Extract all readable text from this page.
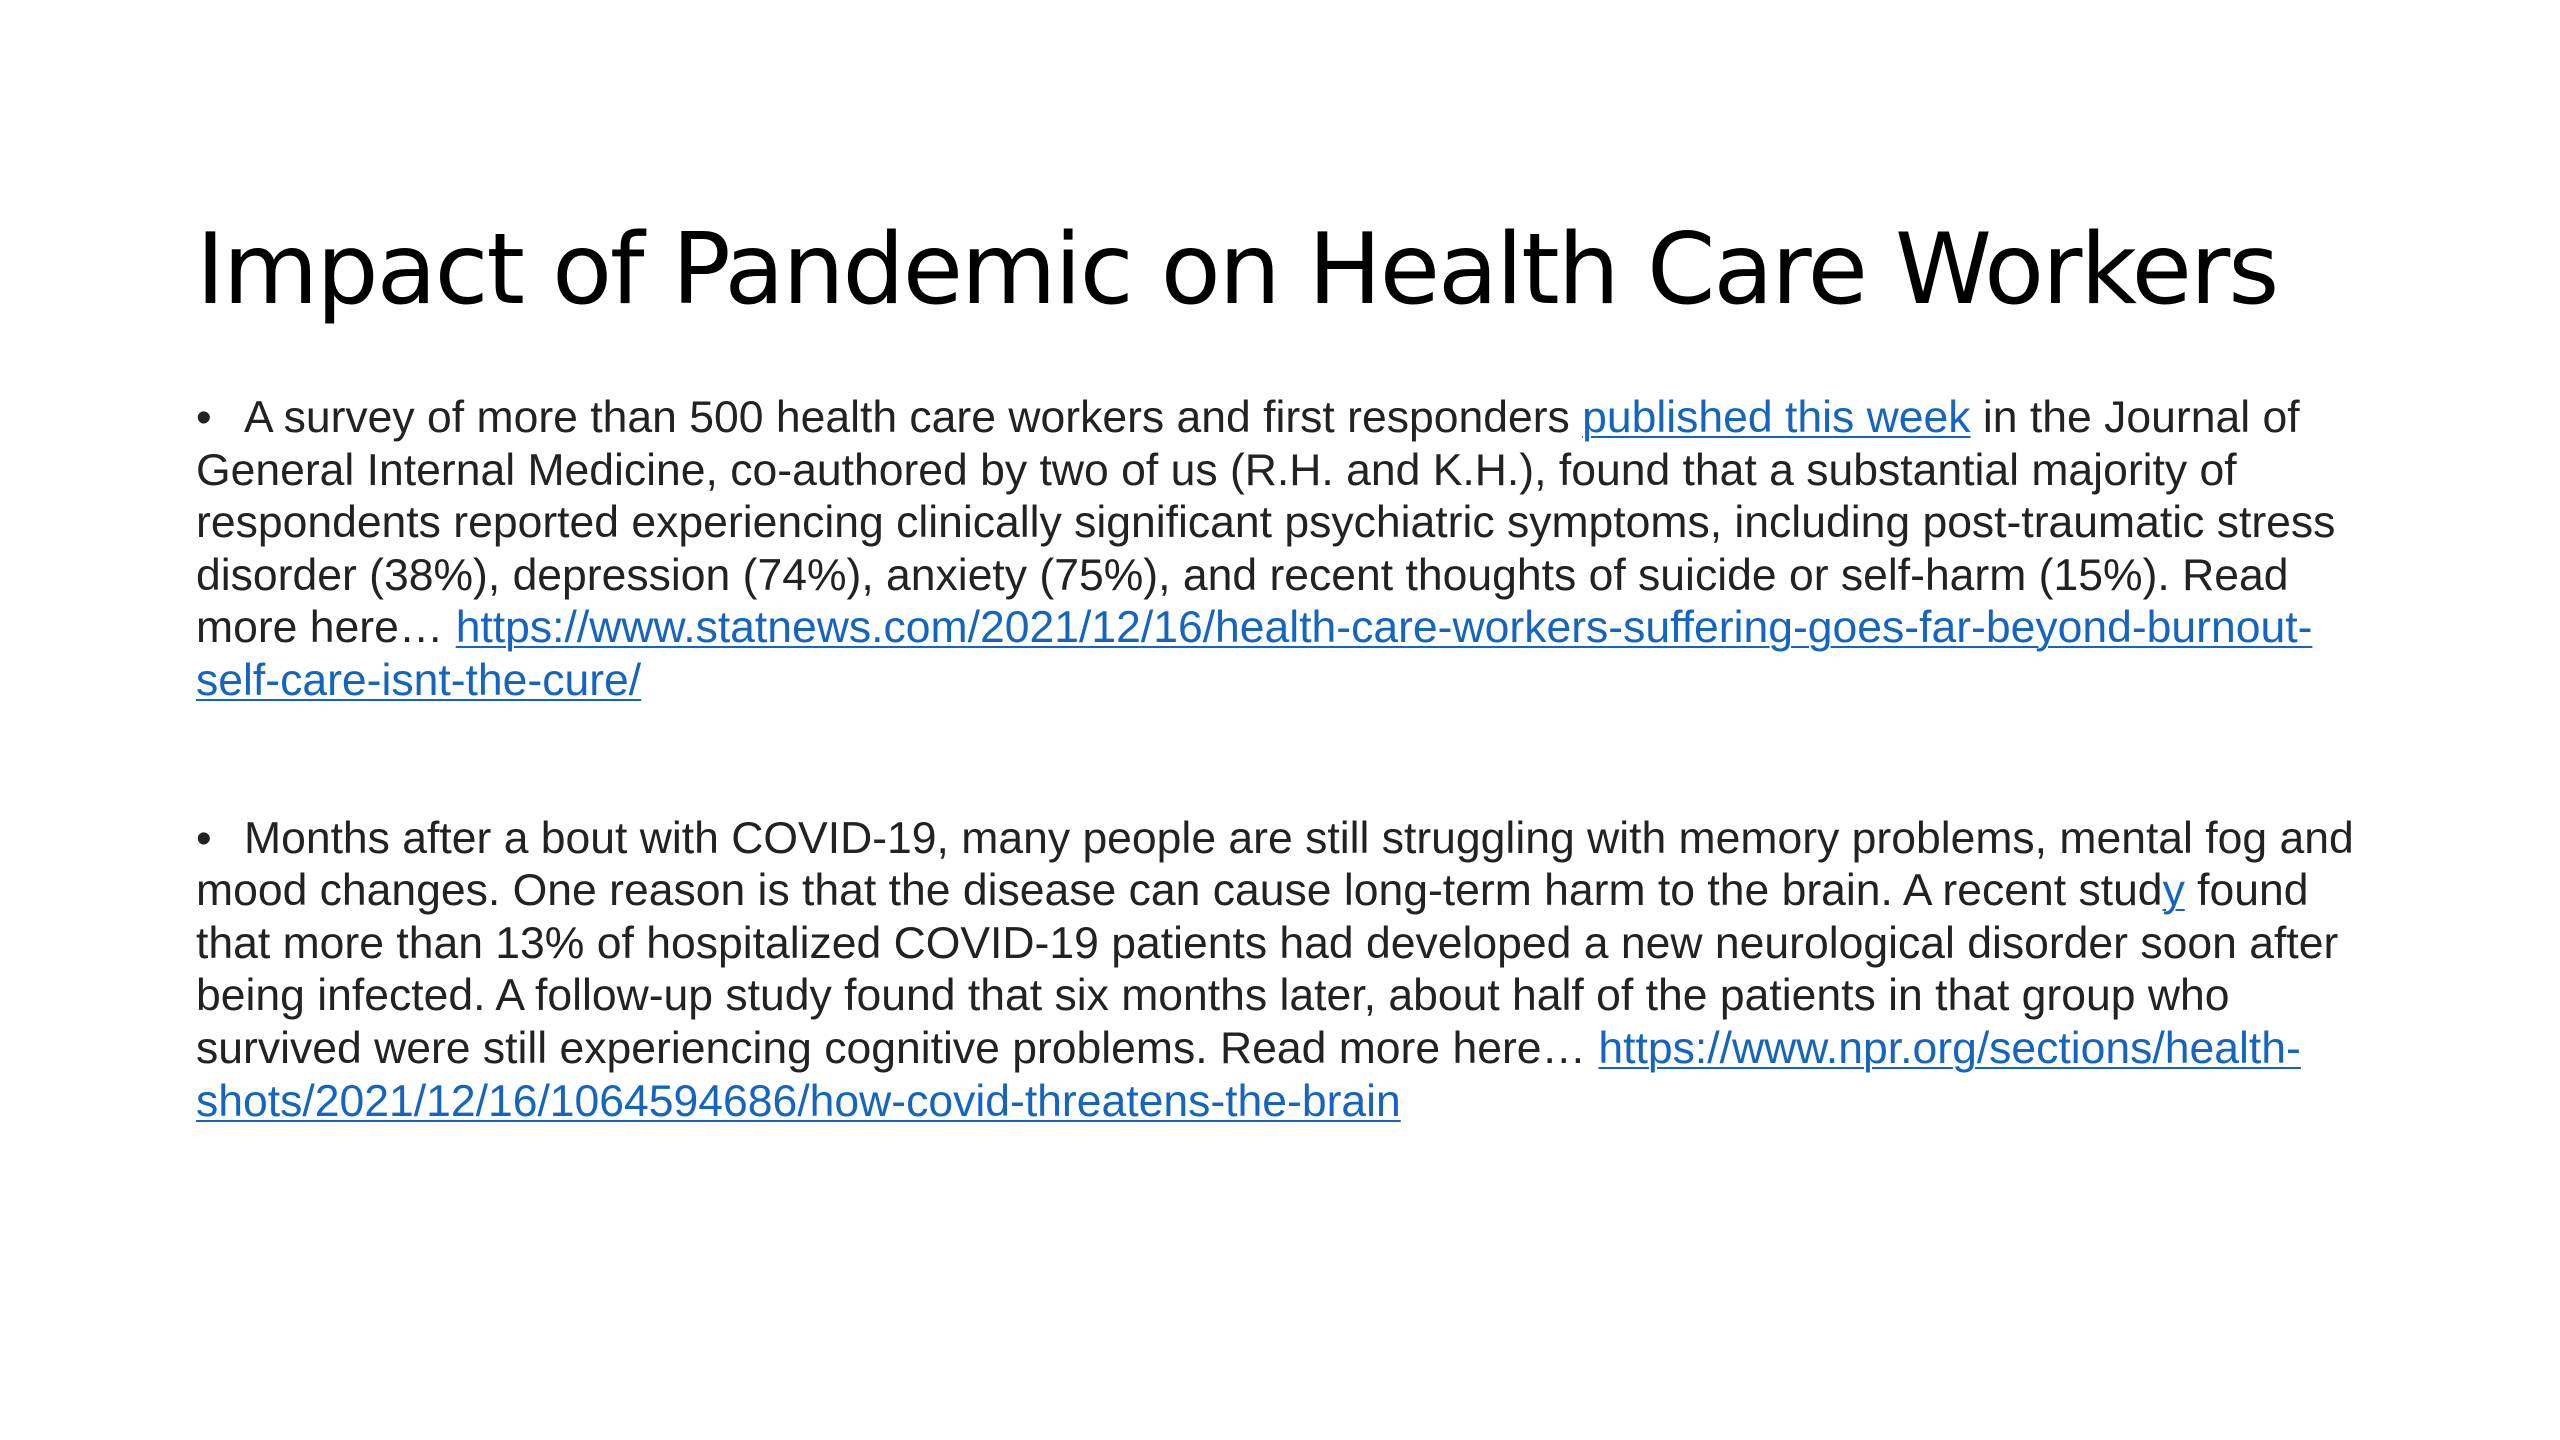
Impact of Pandemic on Health Care Workers

• A survey of more than 500 health care workers and first responders published this week in the Journal of General Internal Medicine, co-authored by two of us (R.H. and K.H.), found that a substantial majority of respondents reported experiencing clinically significant psychiatric symptoms, including post-traumatic stress disorder (38%), depression (74%), anxiety (75%), and recent thoughts of suicide or self-harm (15%). Read more here… https://www.statnews.com/2021/12/16/health-care-workers-suffering-goes-far-beyond-burnout-self-care-isnt-the-cure/

• Months after a bout with COVID-19, many people are still struggling with memory problems, mental fog and mood changes. One reason is that the disease can cause long-term harm to the brain. A recent study found that more than 13% of hospitalized COVID-19 patients had developed a new neurological disorder soon after being infected. A follow-up study found that six months later, about half of the patients in that group who survived were still experiencing cognitive problems. Read more here… https://www.npr.org/sections/health-shots/2021/12/16/1064594686/how-covid-threatens-the-brain
